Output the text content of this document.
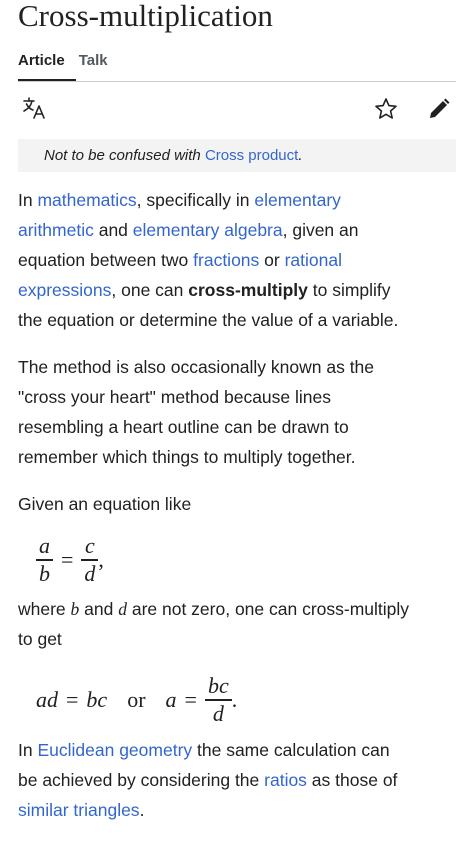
Cross-multiplication
Article Talk
Not to be confused with Cross product.
In mathematics, specifically in elementary
arithmetic and elementary algebra, given an
equation between two fractions or rational
expressions, one can cross-multiply to simplify
the equation or determine the value of a variable.
The method is also occasionally known as the
"cross your heart" method because lines
resembling a heart outline can be drawn to
remember which things to multiply together.
Given an equation like
$\frac{a}{b} = \frac{c}{d}$ ,
where b and d are not zero, one can cross-multiply
to get
ad = bc or $a = \frac{bc}{d}$ .
In Euclidean geometry the same calculation can
be achieved by considering the ratios as those of
similar triangles.
